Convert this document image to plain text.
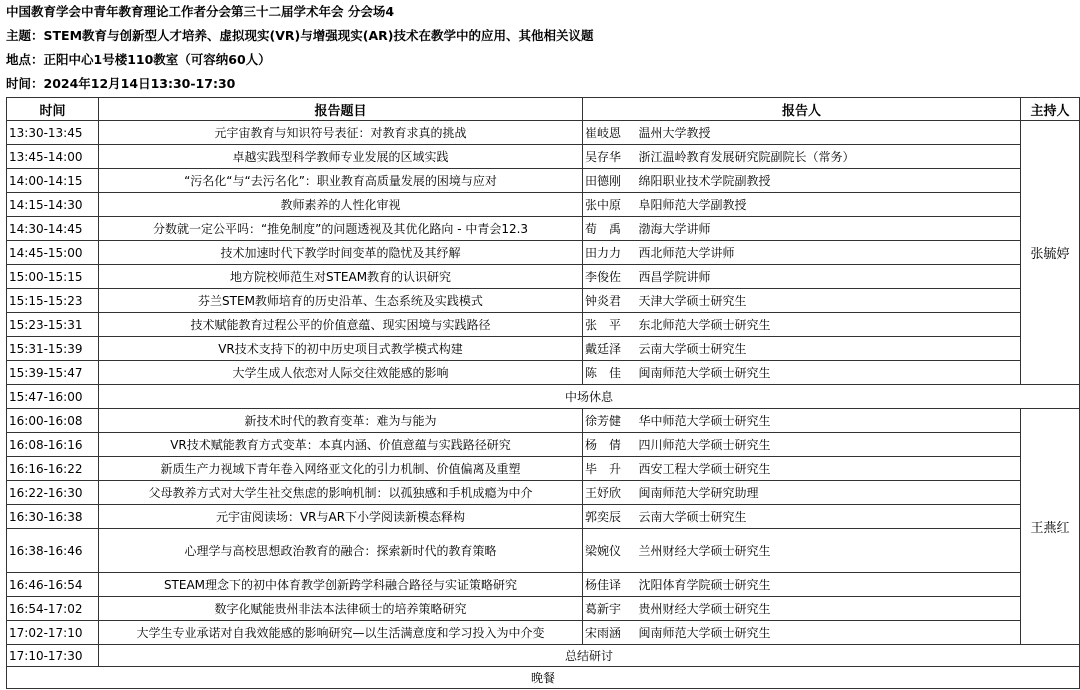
中国教育学会中青年教育理论工作者分会第三十二届学术年会 分会场4
主题：STEM教育与创新型人才培养、虚拟现实(VR)与增强现实(AR)技术在教学中的应用、其他相关议题
地点：正阳中心1号楼110教室（可容纳60人）
时间：2024年12月14日13:30-17:30
时间	报告题目	报告人		主持人
13:30-13:45	元宇宙教育与知识符号表征：对教育求真的挑战	崔岐恩	温州大学教授	张毓婷
13:45-14:00	卓越实践型科学教师专业发展的区域实践	吴存华	浙江温岭教育发展研究院副院长（常务）	
14:00-14:15	“污名化“与“去污名化”：职业教育高质量发展的困境与应对	田德刚	绵阳职业技术学院副教授	
14:15-14:30	教师素养的人性化审视	张中原	阜阳师范大学副教授	
14:30-14:45	分数就一定公平吗：“推免制度”的问题透视及其优化路向 - 中青会12.3	荀　禹	渤海大学讲师	
14:45-15:00	技术加速时代下教学时间变革的隐忧及其纾解	田力力	西北师范大学讲师	
15:00-15:15	地方院校师范生对STEAM教育的认识研究	李俊佐	西昌学院讲师	
15:15-15:23	芬兰STEM教师培育的历史沿革、生态系统及实践模式	钟炎君	天津大学硕士研究生	
15:23-15:31	技术赋能教育过程公平的价值意蕴、现实困境与实践路径	张　平	东北师范大学硕士研究生	
15:31-15:39	VR技术支持下的初中历史项目式教学模式构建	戴廷泽	云南大学硕士研究生	
15:39-15:47	大学生成人依恋对人际交往效能感的影响	陈　佳	闽南师范大学硕士研究生	
15:47-16:00	中场休息			
16:00-16:08	新技术时代的教育变革：难为与能为	徐芳健	华中师范大学硕士研究生	王燕红
16:08-16:16	VR技术赋能教育方式变革：本真内涵、价值意蕴与实践路径研究	杨　倩	四川师范大学硕士研究生	
16:16-16:22	新质生产力视域下青年卷入网络亚文化的引力机制、价值偏离及重塑	毕　升	西安工程大学硕士研究生	
16:22-16:30	父母教养方式对大学生社交焦虑的影响机制：以孤独感和手机成瘾为中介	王妤欣	闽南师范大学研究助理	
16:30-16:38	元宇宙阅读场：VR与AR下小学阅读新模态释构	郭奕辰	云南大学硕士研究生	
16:38-16:46	心理学与高校思想政治教育的融合：探索新时代的教育策略	梁婉仪	兰州财经大学硕士研究生	
16:46-16:54	STEAM理念下的初中体育教学创新跨学科融合路径与实证策略研究	杨佳译	沈阳体育学院硕士研究生	
16:54-17:02	数字化赋能贵州非法本法律硕士的培养策略研究	葛新宇	贵州财经大学硕士研究生	
17:02-17:10	大学生专业承诺对自我效能感的影响研究—以生活满意度和学习投入为中介变	宋雨涵	闽南师范大学硕士研究生	
17:10-17:30	总结研讨			
晚餐				
